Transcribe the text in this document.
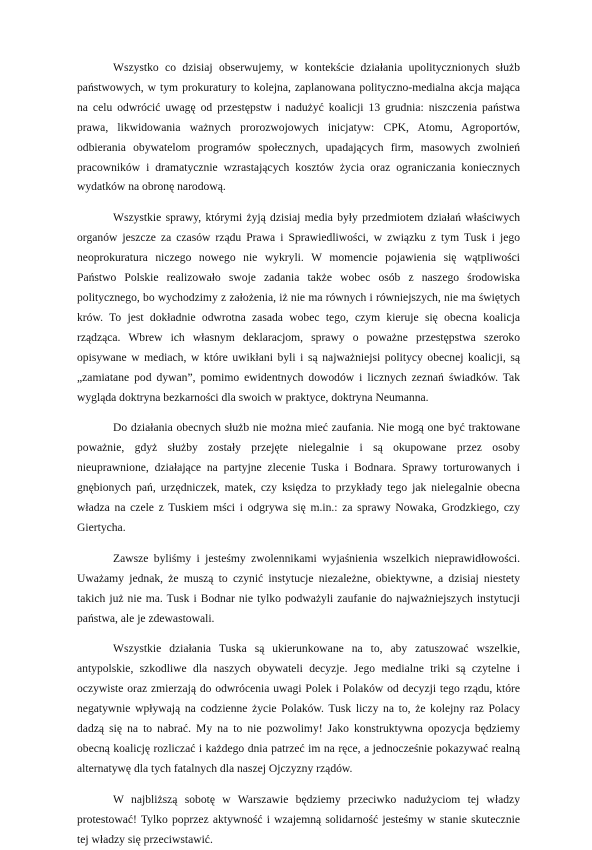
Wszystko co dzisiaj obserwujemy, w kontekście działania upolitycznionych służb państwowych, w tym prokuratury to kolejna, zaplanowana polityczno-medialna akcja mająca na celu odwrócić uwagę od przestępstw i nadużyć koalicji 13 grudnia: niszczenia państwa prawa, likwidowania ważnych prorozwojowych inicjatyw: CPK, Atomu, Agroportów, odbierania obywatelom programów społecznych, upadających firm, masowych zwolnień pracowników i dramatycznie wzrastających kosztów życia oraz ograniczania koniecznych wydatków na obronę narodową.

Wszystkie sprawy, którymi żyją dzisiaj media były przedmiotem działań właściwych organów jeszcze za czasów rządu Prawa i Sprawiedliwości, w związku z tym Tusk i jego neoprokuratura niczego nowego nie wykryli. W momencie pojawienia się wątpliwości Państwo Polskie realizowało swoje zadania także wobec osób z naszego środowiska politycznego, bo wychodzimy z założenia, iż nie ma równych i równiejszych, nie ma świętych krów. To jest dokładnie odwrotna zasada wobec tego, czym kieruje się obecna koalicja rządząca. Wbrew ich własnym deklaracjom, sprawy o poważne przestępstwa szeroko opisywane w mediach, w które uwikłani byli i są najważniejsi politycy obecnej koalicji, są „zamiatane pod dywan”, pomimo ewidentnych dowodów i licznych zeznań świadków. Tak wygląda doktryna bezkarności dla swoich w praktyce, doktryna Neumanna.

Do działania obecnych służb nie można mieć zaufania. Nie mogą one być traktowane poważnie, gdyż służby zostały przejęte nielegalnie i są okupowane przez osoby nieuprawnione, działające na partyjne zlecenie Tuska i Bodnara. Sprawy torturowanych i gnębionych pań, urzędniczek, matek, czy księdza to przykłady tego jak nielegalnie obecna władza na czele z Tuskiem mści i odgrywa się m.in.: za sprawy Nowaka, Grodzkiego, czy Giertycha.

Zawsze byliśmy i jesteśmy zwolennikami wyjaśnienia wszelkich nieprawidłowości. Uważamy jednak, że muszą to czynić instytucje niezależne, obiektywne, a dzisiaj niestety takich już nie ma. Tusk i Bodnar nie tylko podważyli zaufanie do najważniejszych instytucji państwa, ale je zdewastowali.

Wszystkie działania Tuska są ukierunkowane na to, aby zatuszować wszelkie, antypolskie, szkodliwe dla naszych obywateli decyzje. Jego medialne triki są czytelne i oczywiste oraz zmierzają do odwrócenia uwagi Polek i Polaków od decyzji tego rządu, które negatywnie wpływają na codzienne życie Polaków. Tusk liczy na to, że kolejny raz Polacy dadzą się na to nabrać. My na to nie pozwolimy! Jako konstruktywna opozycja będziemy obecną koalicję rozliczać i każdego dnia patrzeć im na ręce, a jednocześnie pokazywać realną alternatywę dla tych fatalnych dla naszej Ojczyzny rządów.

W najbliższą sobotę w Warszawie będziemy przeciwko nadużyciom tej władzy protestować! Tylko poprzez aktywność i wzajemną solidarność jesteśmy w stanie skutecznie tej władzy się przeciwstawić.
